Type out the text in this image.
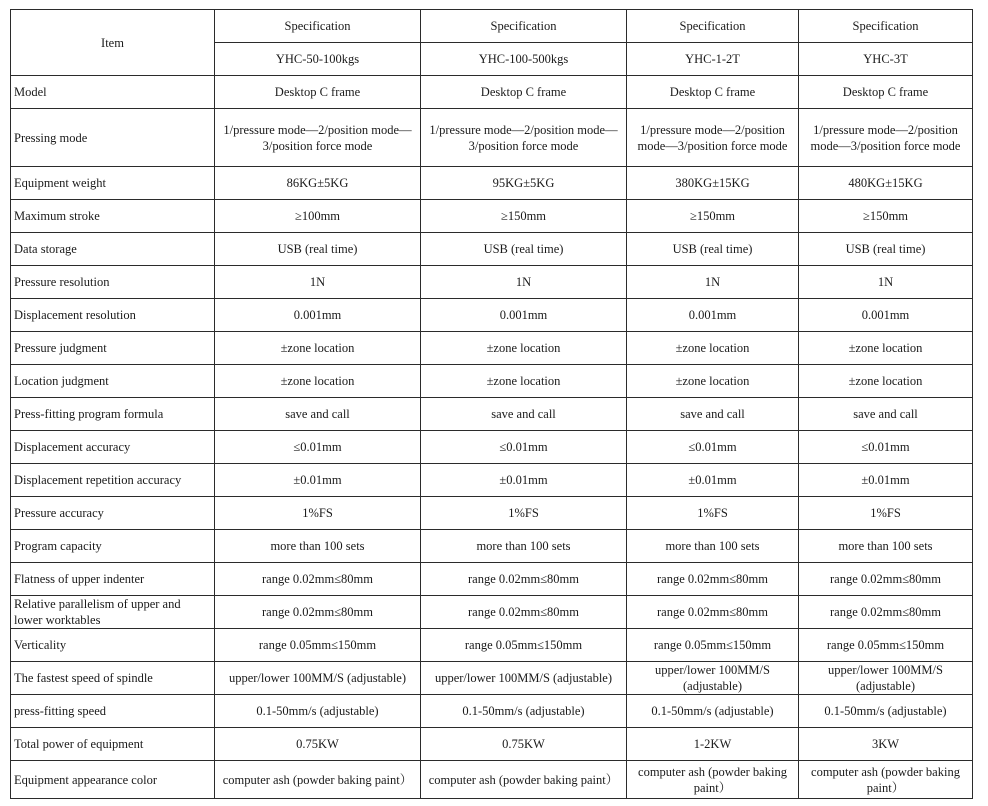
Item	Specification	Specification	Specification	Specification
	YHC-50-100kgs	YHC-100-500kgs	YHC-1-2T	YHC-3T
Model	Desktop C frame	Desktop C frame	Desktop C frame	Desktop C frame
Pressing mode	1/pressure mode—2/position mode—3/position force mode	1/pressure mode—2/position mode—3/position force mode	1/pressure mode—2/position mode—3/position force mode	1/pressure mode—2/position mode—3/position force mode
Equipment weight	86KG±5KG	95KG±5KG	380KG±15KG	480KG±15KG
Maximum stroke	≥100mm	≥150mm	≥150mm	≥150mm
Data storage	USB (real time)	USB (real time)	USB (real time)	USB (real time)
Pressure resolution	1N	1N	1N	1N
Displacement resolution	0.001mm	0.001mm	0.001mm	0.001mm
Pressure judgment	±zone location	±zone location	±zone location	±zone location
Location judgment	±zone location	±zone location	±zone location	±zone location
Press-fitting program formula	save and call	save and call	save and call	save and call
Displacement accuracy	≤0.01mm	≤0.01mm	≤0.01mm	≤0.01mm
Displacement repetition accuracy	±0.01mm	±0.01mm	±0.01mm	±0.01mm
Pressure accuracy	1%FS	1%FS	1%FS	1%FS
Program capacity	more than 100 sets	more than 100 sets	more than 100 sets	more than 100 sets
Flatness of upper indenter	range 0.02mm≤80mm	range 0.02mm≤80mm	range 0.02mm≤80mm	range 0.02mm≤80mm
Relative parallelism of upper and lower worktables	range 0.02mm≤80mm	range 0.02mm≤80mm	range 0.02mm≤80mm	range 0.02mm≤80mm
Verticality	range 0.05mm≤150mm	range 0.05mm≤150mm	range 0.05mm≤150mm	range 0.05mm≤150mm
The fastest speed of spindle	upper/lower 100MM/S (adjustable)	upper/lower 100MM/S (adjustable)	upper/lower 100MM/S (adjustable)	upper/lower 100MM/S (adjustable)
press-fitting speed	0.1-50mm/s (adjustable)	0.1-50mm/s (adjustable)	0.1-50mm/s (adjustable)	0.1-50mm/s (adjustable)
Total power of equipment	0.75KW	0.75KW	1-2KW	3KW
Equipment appearance color	computer ash (powder baking paint）	computer ash (powder baking paint）	computer ash (powder baking paint）	computer ash (powder baking paint）
